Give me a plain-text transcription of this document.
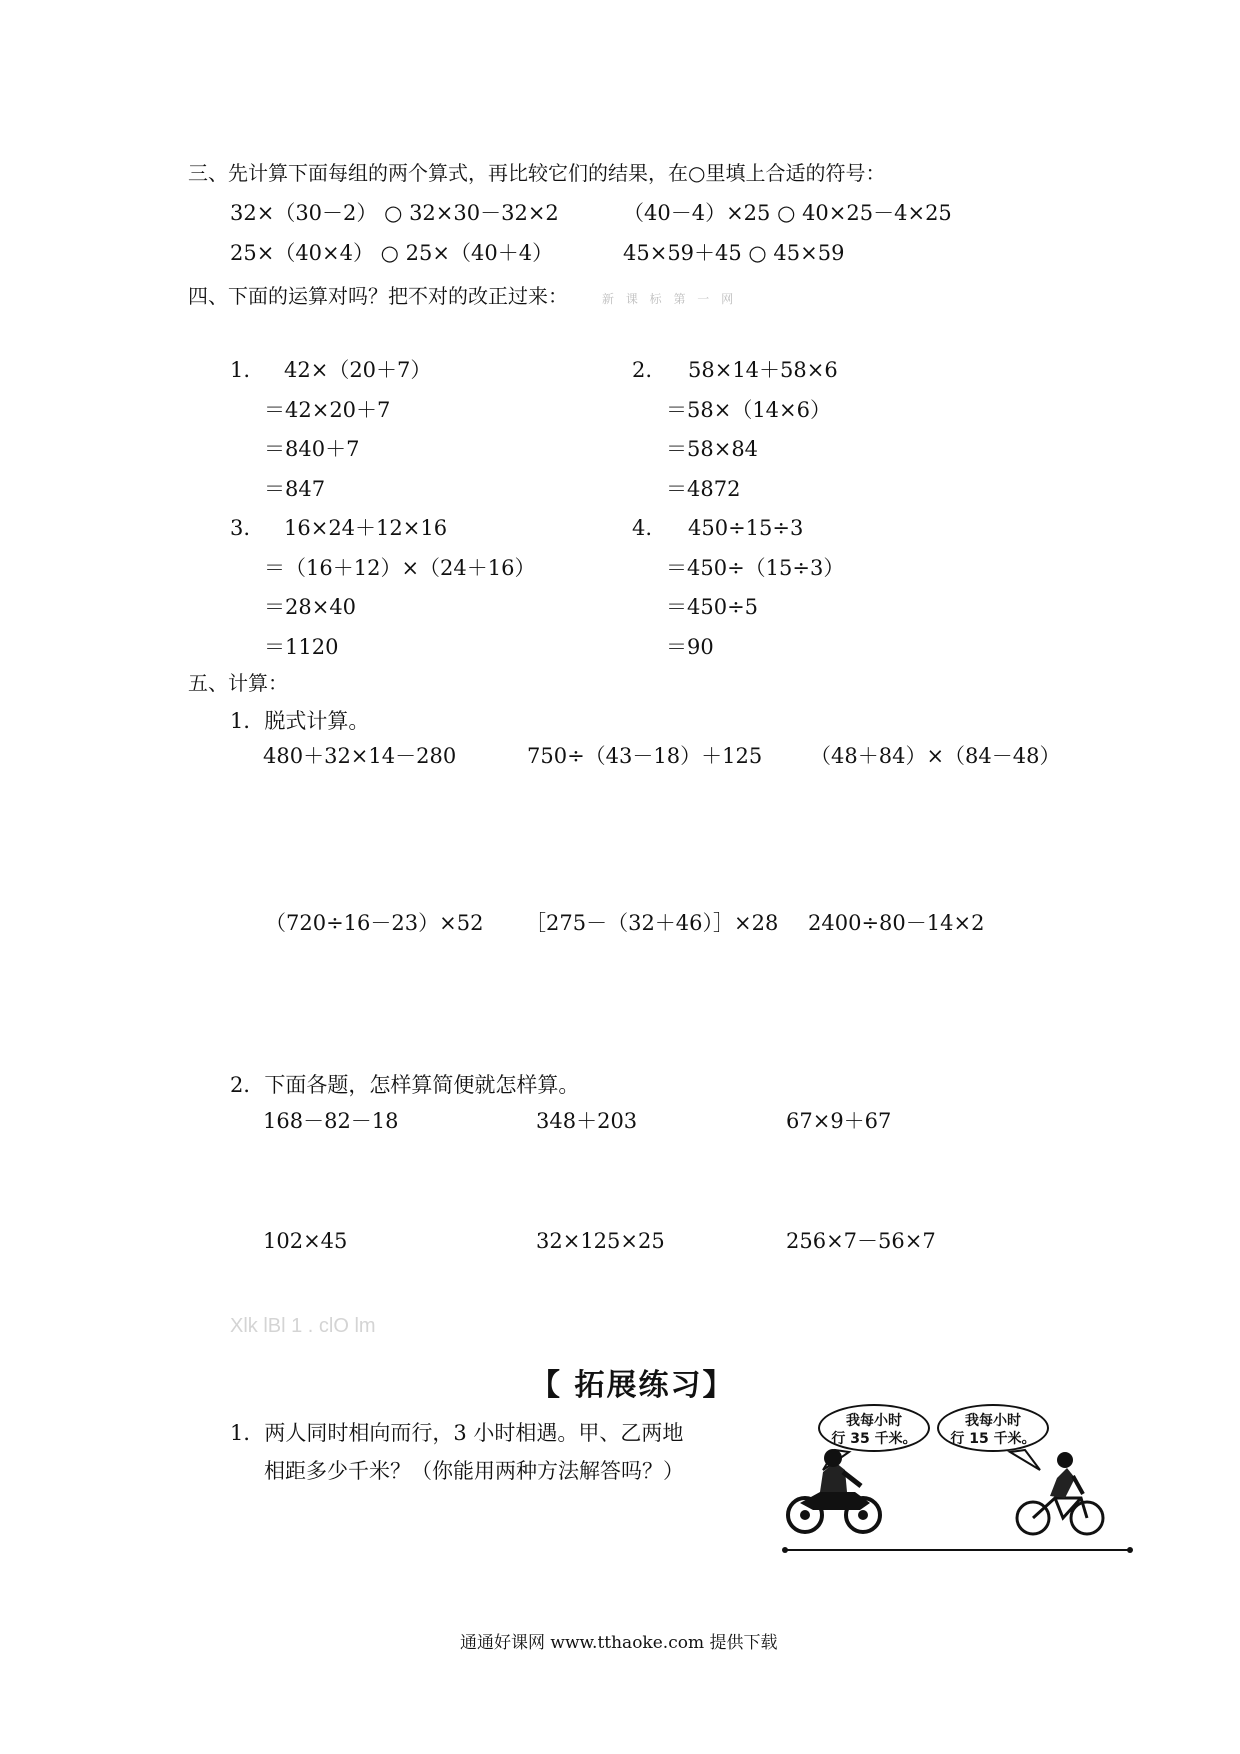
三、先计算下面每组的两个算式，再比较它们的结果，在○里填上合适的符号：
32×（30－2） ○ 32×30－32×2	（40－4）×25 ○ 40×25－4×25
25×（40×4） ○ 25×（40＋4）	45×59＋45 ○ 45×59
四、下面的运算对吗？把不对的改正过来：	新 课 标 第 一 网
1. 42×（20＋7）
＝42×20＋7
＝840＋7
＝847
2. 58×14＋58×6
＝58×（14×6）
＝58×84
＝4872
3. 16×24＋12×16
＝（16＋12）×（24＋16）
＝28×40
＝1120
4. 450÷15÷3
＝450÷（15÷3）
＝450÷5
＝90
五、计算：
1．脱式计算。
480＋32×14－280	750÷（43－18）＋125 （48＋84）×（84－48）
（720÷16－23）×52 ［275－（32＋46）］×28 2400÷80－14×2
2．下面各题，怎样算简便就怎样算。
168－82－18	348＋203	67×9＋67
102×45	32×125×25	256×7－56×7
Xlk lBl 1 . clO lm
【 拓展练习】
1．两人同时相向而行，3 小时相遇。甲、乙两地
相距多少千米？（你能用两种方法解答吗？）
我每小时
行 35 千米。
我每小时
行 15 千米。
通通好课网 www.tthaoke.com 提供下载
